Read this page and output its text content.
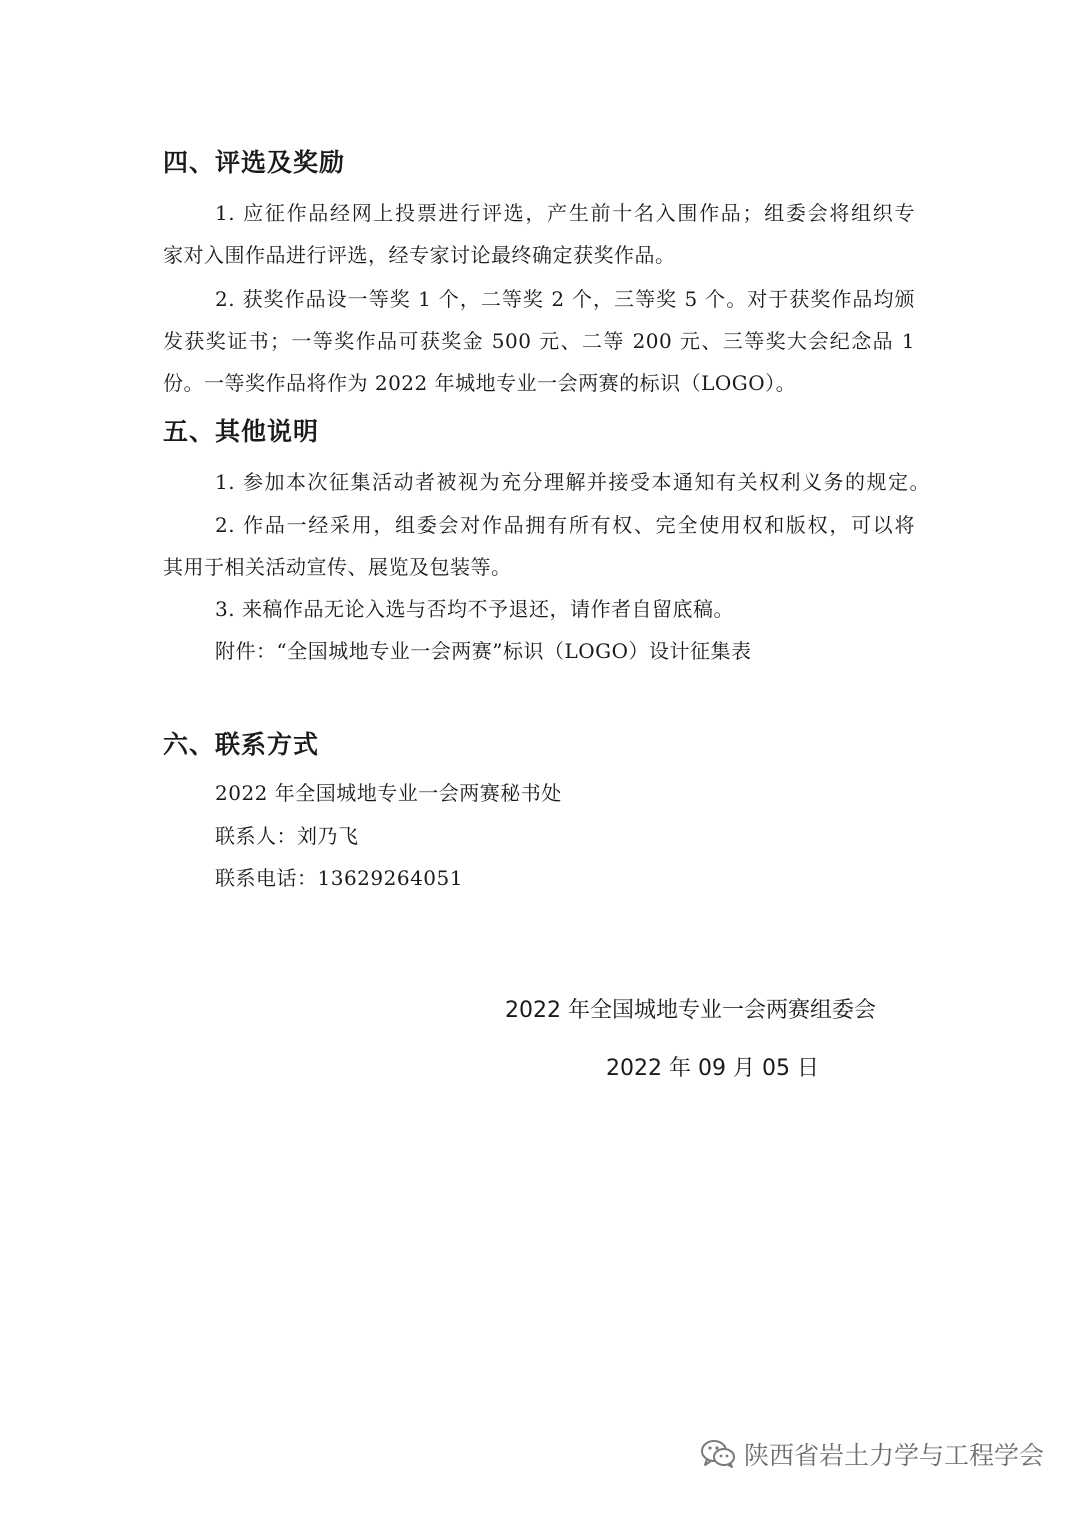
四、评选及奖励
1. 应征作品经网上投票进行评选，产生前十名入围作品；组委会将组织专
家对入围作品进行评选，经专家讨论最终确定获奖作品。
2. 获奖作品设一等奖 1 个，二等奖 2 个，三等奖 5 个。对于获奖作品均颁
发获奖证书；一等奖作品可获奖金 500 元、二等 200 元、三等奖大会纪念品 1
份。一等奖作品将作为 2022 年城地专业一会两赛的标识（LOGO）。
五、其他说明
1. 参加本次征集活动者被视为充分理解并接受本通知有关权利义务的规定。
2. 作品一经采用，组委会对作品拥有所有权、完全使用权和版权，可以将
其用于相关活动宣传、展览及包装等。
3. 来稿作品无论入选与否均不予退还，请作者自留底稿。
附件：“全国城地专业一会两赛”标识（LOGO）设计征集表
六、联系方式
2022 年全国城地专业一会两赛秘书处
联系人：刘乃飞
联系电话：13629264051
2022 年全国城地专业一会两赛组委会
2022 年 09 月 05 日
陕西省岩土力学与工程学会
